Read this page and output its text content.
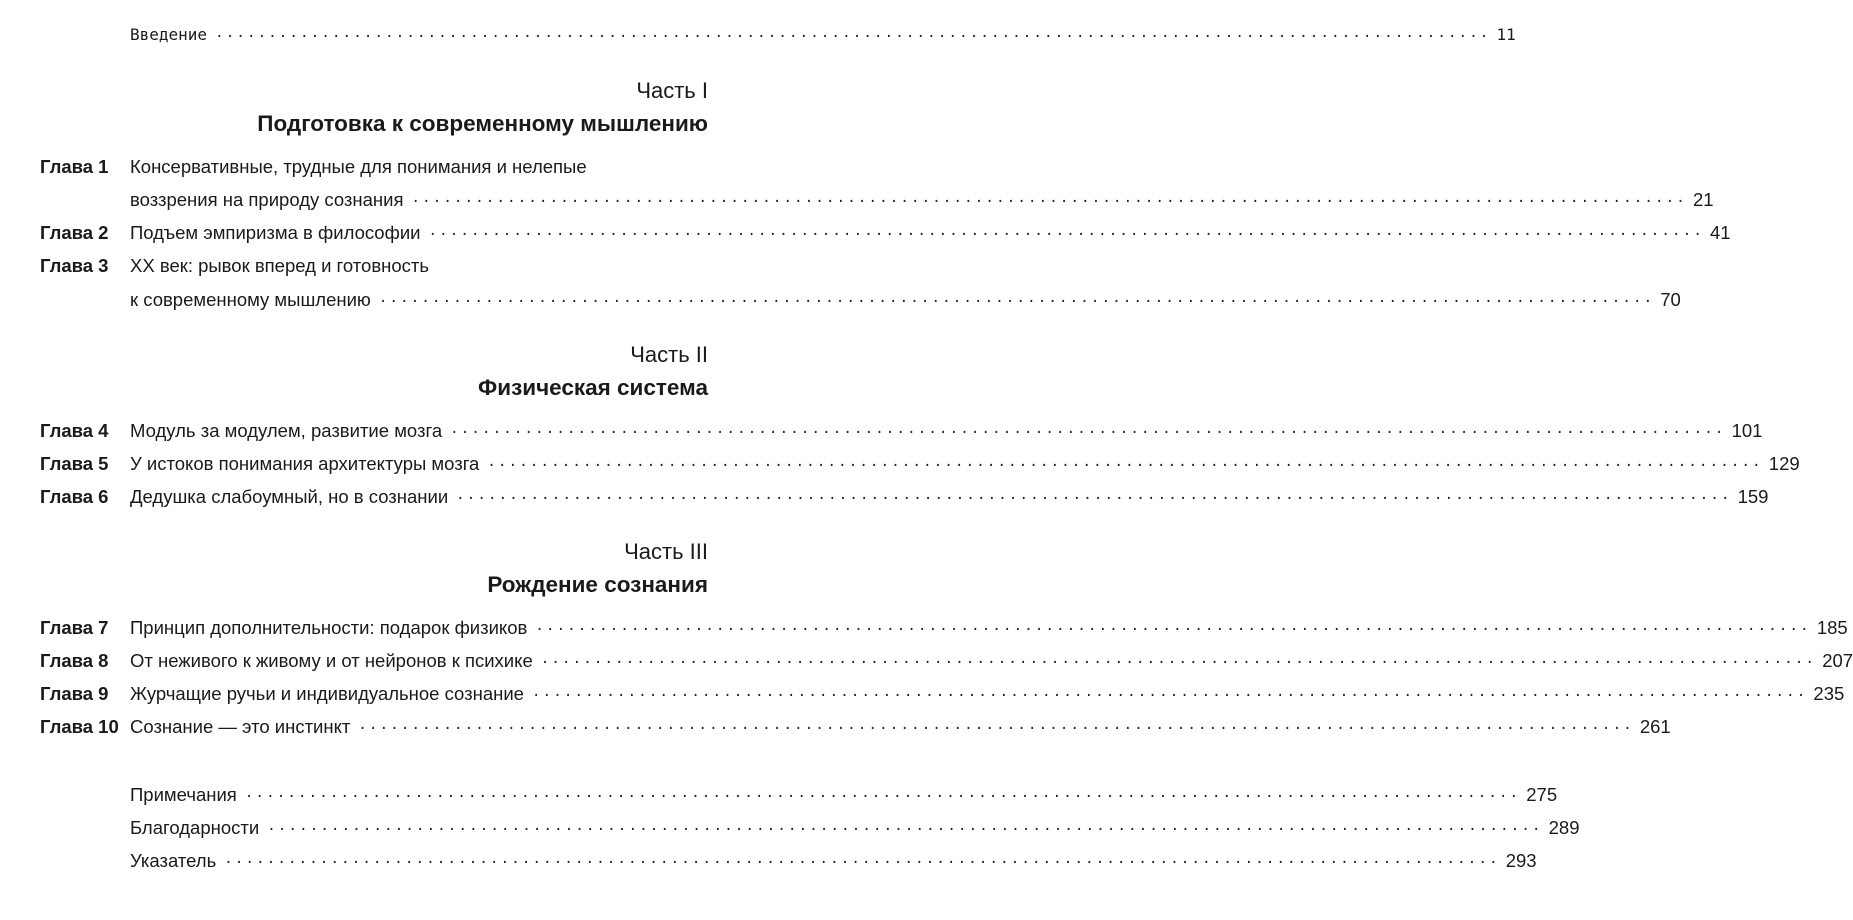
Введение ........................................................................................................................ 11
Часть I
Подготовка к современному мышлению
Глава 1	Консервативные, трудные для понимания и нелепые
воззрения на природу сознания ........................................................................................................................ 21
Глава 2	Подъем эмпиризма в философии ........................................................................................................................ 41
Глава 3	XX век: рывок вперед и готовность
к современному мышлению ........................................................................................................................ 70
Часть II
Физическая система
Глава 4	Модуль за модулем, развитие мозга ........................................................................................................................ 101
Глава 5	У истоков понимания архитектуры мозга ........................................................................................................................ 129
Глава 6	Дедушка слабоумный, но в сознании ........................................................................................................................ 159
Часть III
Рождение сознания
Глава 7	Принцип дополнительности: подарок физиков ........................................................................................................................ 185
Глава 8	От неживого к живому и от нейронов к психике ........................................................................................................................ 207
Глава 9	Журчащие ручьи и индивидуальное сознание ........................................................................................................................ 235
Глава 10 Сознание — это инстинкт ........................................................................................................................ 261
Примечания ........................................................................................................................ 275
Благодарности ........................................................................................................................ 289
Указатель ........................................................................................................................ 293
